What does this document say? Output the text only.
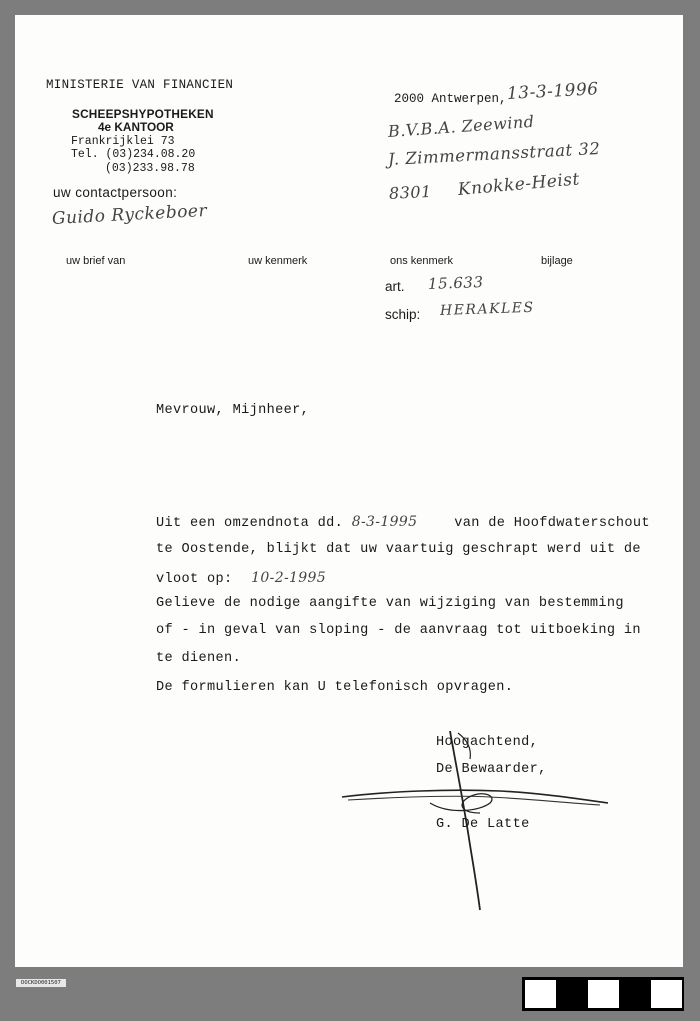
MINISTERIE VAN FINANCIEN
SCHEEPSHYPOTHEKEN
4e KANTOOR
Frankrijklei 73
Tel. (03)234.08.20
(03)233.98.78
uw contactpersoon:
Guido Ryckeboer
2000 Antwerpen, 13-3-1996
B.V.B.A. Zeewind
J. Zimmermansstraat 32
8301 Knokke-Heist
uw brief van	uw kenmerk	ons kenmerk	bijlage
art. 15.633
schip: HERAKLES
Mevrouw, Mijnheer,
Uit een omzendnota dd. 8-3-1995	van de Hoofdwaterschout
te Oostende, blijkt dat uw vaartuig geschrapt werd uit de
vloot op: 10-2-1995
Gelieve de nodige aangifte van wijziging van bestemming
of - in geval van sloping - de aanvraag tot uitboeking in
te dienen.
De formulieren kan U telefonisch opvragen.
Hoogachtend,
De Bewaarder,
G. De Latte
DOCKDO001507
